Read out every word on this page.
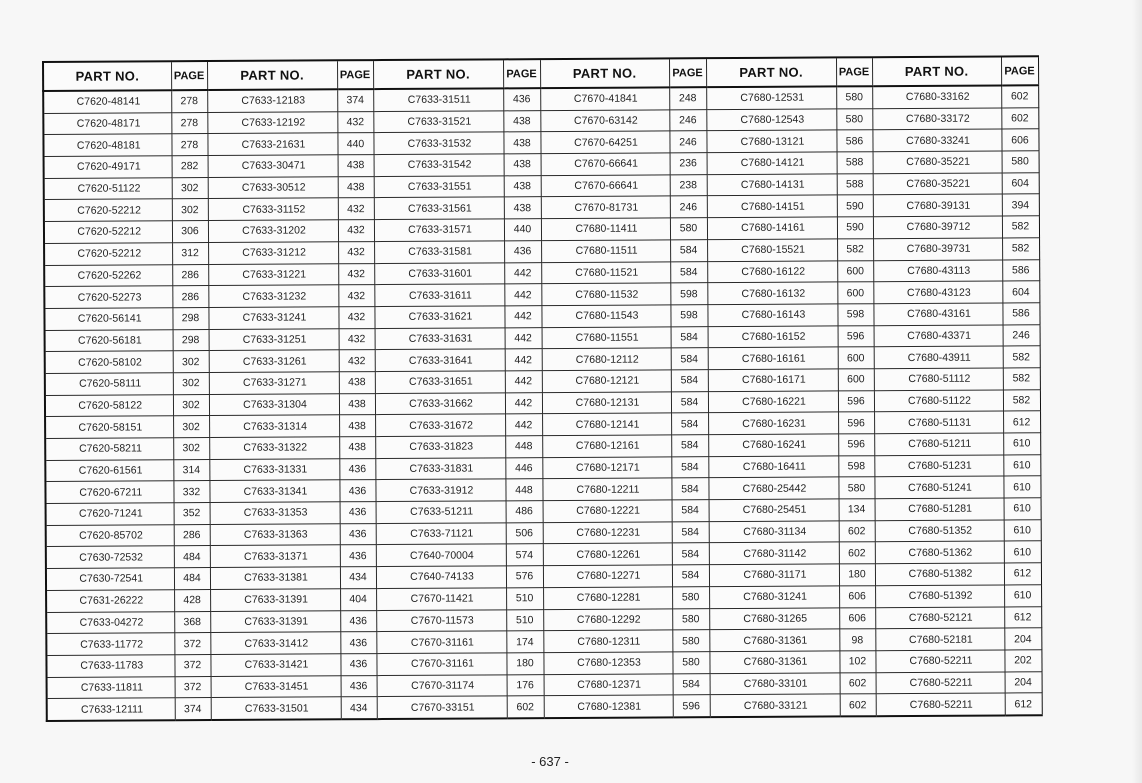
PART NO.	PAGE	PART NO.	PAGE	PART NO.	PAGE	PART NO.	PAGE	PART NO.	PAGE	PART NO.	PAGE
C7620-48141	278	C7633-12183	374	C7633-31511	436	C7670-41841	248	C7680-12531	580	C7680-33162	602
C7620-48171	278	C7633-12192	432	C7633-31521	438	C7670-63142	246	C7680-12543	580	C7680-33172	602
C7620-48181	278	C7633-21631	440	C7633-31532	438	C7670-64251	246	C7680-13121	586	C7680-33241	606
C7620-49171	282	C7633-30471	438	C7633-31542	438	C7670-66641	236	C7680-14121	588	C7680-35221	580
C7620-51122	302	C7633-30512	438	C7633-31551	438	C7670-66641	238	C7680-14131	588	C7680-35221	604
C7620-52212	302	C7633-31152	432	C7633-31561	438	C7670-81731	246	C7680-14151	590	C7680-39131	394
C7620-52212	306	C7633-31202	432	C7633-31571	440	C7680-11411	580	C7680-14161	590	C7680-39712	582
C7620-52212	312	C7633-31212	432	C7633-31581	436	C7680-11511	584	C7680-15521	582	C7680-39731	582
C7620-52262	286	C7633-31221	432	C7633-31601	442	C7680-11521	584	C7680-16122	600	C7680-43113	586
C7620-52273	286	C7633-31232	432	C7633-31611	442	C7680-11532	598	C7680-16132	600	C7680-43123	604
C7620-56141	298	C7633-31241	432	C7633-31621	442	C7680-11543	598	C7680-16143	598	C7680-43161	586
C7620-56181	298	C7633-31251	432	C7633-31631	442	C7680-11551	584	C7680-16152	596	C7680-43371	246
C7620-58102	302	C7633-31261	432	C7633-31641	442	C7680-12112	584	C7680-16161	600	C7680-43911	582
C7620-58111	302	C7633-31271	438	C7633-31651	442	C7680-12121	584	C7680-16171	600	C7680-51112	582
C7620-58122	302	C7633-31304	438	C7633-31662	442	C7680-12131	584	C7680-16221	596	C7680-51122	582
C7620-58151	302	C7633-31314	438	C7633-31672	442	C7680-12141	584	C7680-16231	596	C7680-51131	612
C7620-58211	302	C7633-31322	438	C7633-31823	448	C7680-12161	584	C7680-16241	596	C7680-51211	610
C7620-61561	314	C7633-31331	436	C7633-31831	446	C7680-12171	584	C7680-16411	598	C7680-51231	610
C7620-67211	332	C7633-31341	436	C7633-31912	448	C7680-12211	584	C7680-25442	580	C7680-51241	610
C7620-71241	352	C7633-31353	436	C7633-51211	486	C7680-12221	584	C7680-25451	134	C7680-51281	610
C7620-85702	286	C7633-31363	436	C7633-71121	506	C7680-12231	584	C7680-31134	602	C7680-51352	610
C7630-72532	484	C7633-31371	436	C7640-70004	574	C7680-12261	584	C7680-31142	602	C7680-51362	610
C7630-72541	484	C7633-31381	434	C7640-74133	576	C7680-12271	584	C7680-31171	180	C7680-51382	612
C7631-26222	428	C7633-31391	404	C7670-11421	510	C7680-12281	580	C7680-31241	606	C7680-51392	610
C7633-04272	368	C7633-31391	436	C7670-11573	510	C7680-12292	580	C7680-31265	606	C7680-52121	612
C7633-11772	372	C7633-31412	436	C7670-31161	174	C7680-12311	580	C7680-31361	98	C7680-52181	204
C7633-11783	372	C7633-31421	436	C7670-31161	180	C7680-12353	580	C7680-31361	102	C7680-52211	202
C7633-11811	372	C7633-31451	436	C7670-31174	176	C7680-12371	584	C7680-33101	602	C7680-52211	204
C7633-12111	374	C7633-31501	434	C7670-33151	602	C7680-12381	596	C7680-33121	602	C7680-52211	612
- 637 -
